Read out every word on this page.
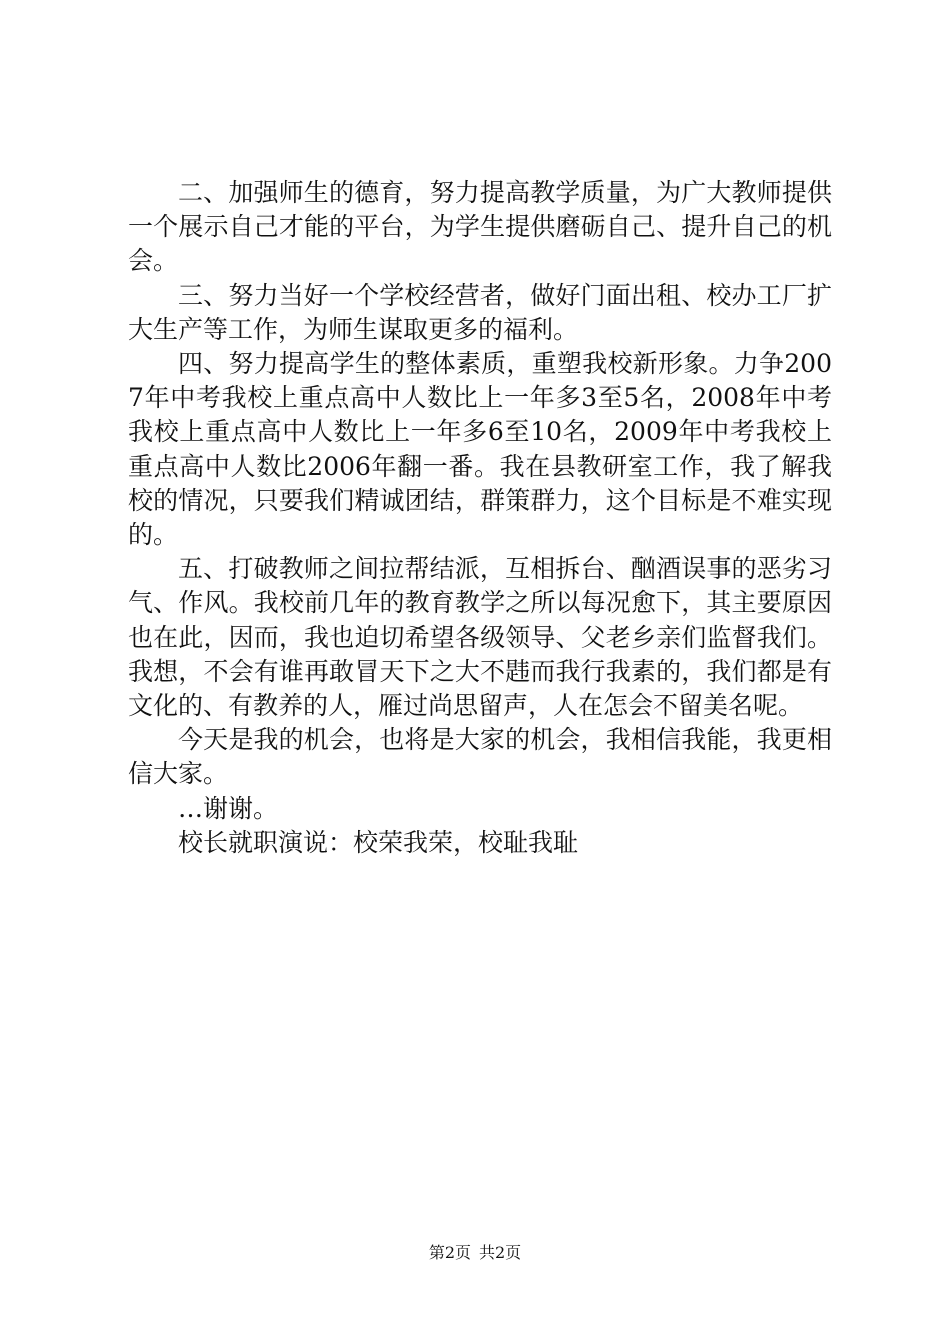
二、加强师生的德育，努力提高教学质量，为广大教师提供一个展示自己才能的平台，为学生提供磨砺自己、提升自己的机会。

三、努力当好一个学校经营者，做好门面出租、校办工厂扩大生产等工作，为师生谋取更多的福利。

四、努力提高学生的整体素质，重塑我校新形象。力争2007年中考我校上重点高中人数比上一年多3至5名，2008年中考我校上重点高中人数比上一年多6至10名，2009年中考我校上重点高中人数比2006年翻一番。我在县教研室工作，我了解我校的情况，只要我们精诚团结，群策群力，这个目标是不难实现的。

五、打破教师之间拉帮结派，互相拆台、酗酒误事的恶劣习气、作风。我校前几年的教育教学之所以每况愈下，其主要原因也在此，因而，我也迫切希望各级领导、父老乡亲们监督我们。我想，不会有谁再敢冒天下之大不韪而我行我素的，我们都是有文化的、有教养的人，雁过尚思留声，人在怎会不留美名呢。

今天是我的机会，也将是大家的机会，我相信我能，我更相信大家。

…谢谢。

校长就职演说：校荣我荣，校耻我耻

第2页 共2页
